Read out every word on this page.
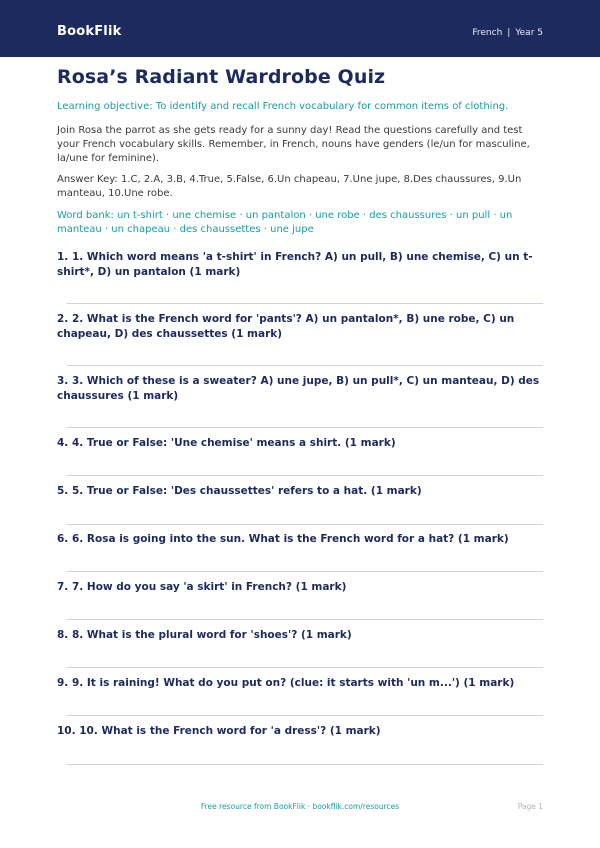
BookFlik	French | Year 5
Rosa’s Radiant Wardrobe Quiz

Learning objective: To identify and recall French vocabulary for common items of clothing.

Join Rosa the parrot as she gets ready for a sunny day! Read the questions carefully and test your French vocabulary skills. Remember, in French, nouns have genders (le/un for masculine, la/une for feminine).

Answer Key: 1.C, 2.A, 3.B, 4.True, 5.False, 6.Un chapeau, 7.Une jupe, 8.Des chaussures, 9.Un manteau, 10.Une robe.

Word bank: un t-shirt · une chemise · un pantalon · une robe · des chaussures · un pull · un manteau · un chapeau · des chaussettes · une jupe

1. 1. Which word means 'a t-shirt' in French? A) un pull, B) une chemise, C) un t-shirt*, D) un pantalon (1 mark)
2. 2. What is the French word for 'pants'? A) un pantalon*, B) une robe, C) un chapeau, D) des chaussettes (1 mark)
3. 3. Which of these is a sweater? A) une jupe, B) un pull*, C) un manteau, D) des chaussures (1 mark)
4. 4. True or False: 'Une chemise' means a shirt. (1 mark)
5. 5. True or False: 'Des chaussettes' refers to a hat. (1 mark)
6. 6. Rosa is going into the sun. What is the French word for a hat? (1 mark)
7. 7. How do you say 'a skirt' in French? (1 mark)
8. 8. What is the plural word for 'shoes'? (1 mark)
9. 9. It is raining! What do you put on? (clue: it starts with 'un m...') (1 mark)
10. 10. What is the French word for 'a dress'? (1 mark)
Free resource from BookFlik · bookflik.com/resources	Page 1
